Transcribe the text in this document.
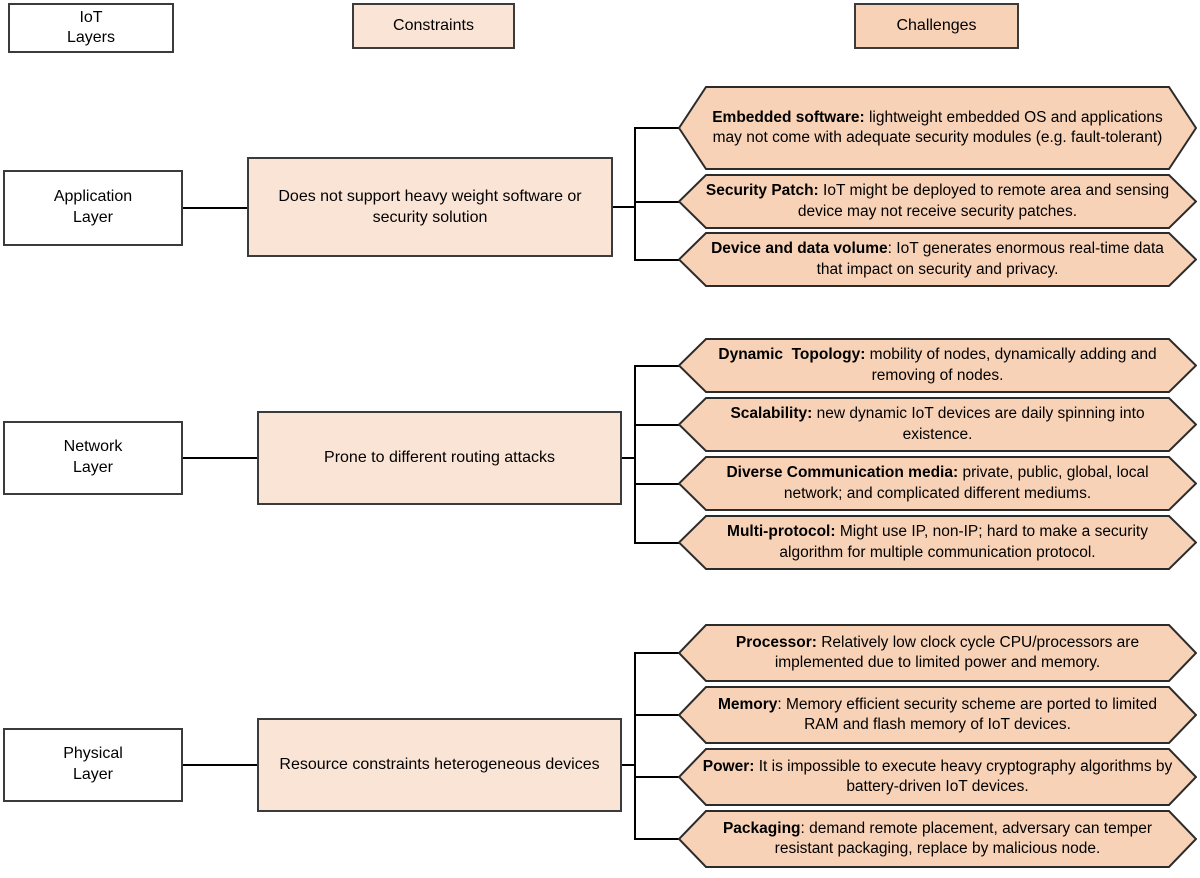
IoT
Layers
Constraints	Challenges
Application
Layer
Does not support heavy weight software or security solution
Embedded software: lightweight embedded OS and applications may not come with adequate security modules (e.g. fault-tolerant)
Security Patch: IoT might be deployed to remote area and sensing device may not receive security patches.
Device and data volume: IoT generates enormous real-time data that impact on security and privacy.
Network
Layer
Prone to different routing attacks
Dynamic  Topology: mobility of nodes, dynamically adding and removing of nodes.
Scalability: new dynamic IoT devices are daily spinning into existence.
Diverse Communication media: private, public, global, local network; and complicated different mediums.
Multi-protocol: Might use IP, non-IP; hard to make a security algorithm for multiple communication protocol.
Physical
Layer
Resource constraints heterogeneous devices
Processor: Relatively low clock cycle CPU/processors are implemented due to limited power and memory.
Memory: Memory efficient security scheme are ported to limited RAM and flash memory of IoT devices.
Power: It is impossible to execute heavy cryptography algorithms by battery-driven IoT devices.
Packaging: demand remote placement, adversary can temper resistant packaging, replace by malicious node.
